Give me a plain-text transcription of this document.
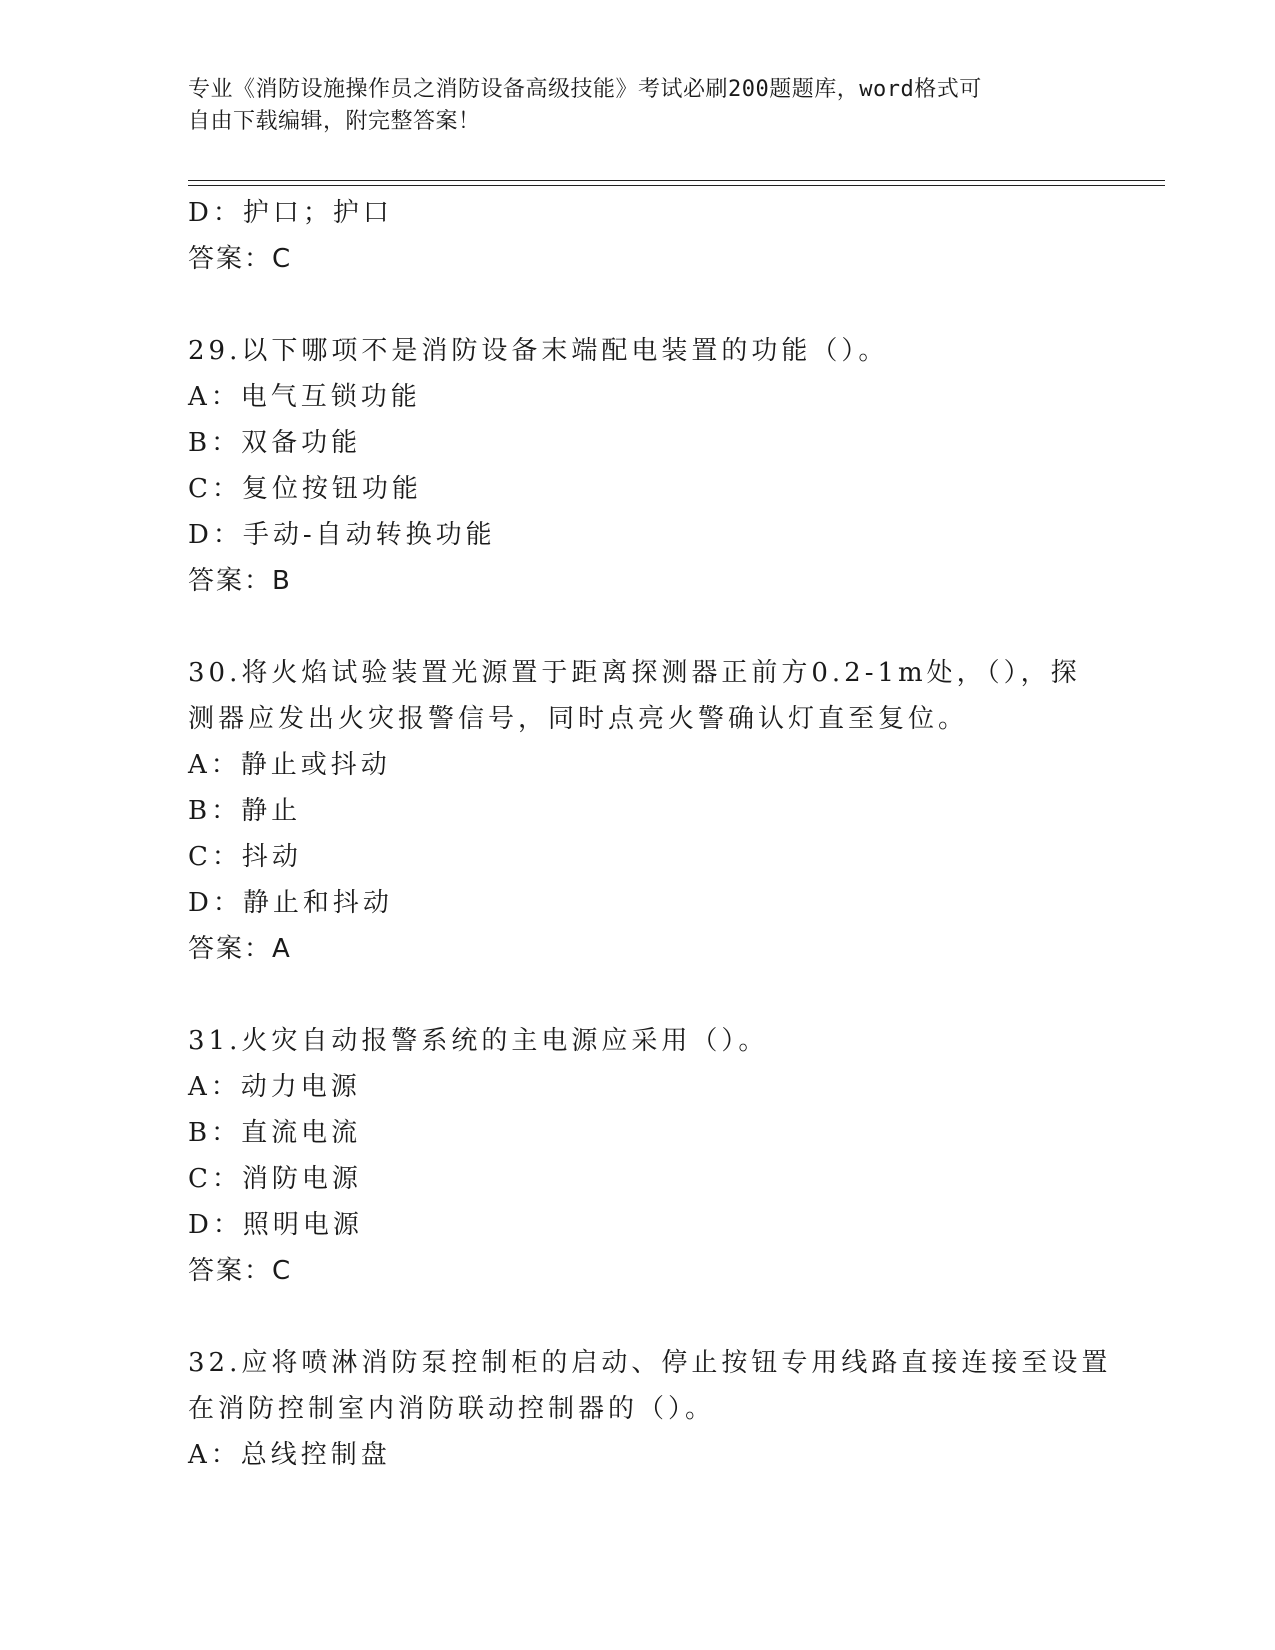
专业《消防设施操作员之消防设备高级技能》考试必刷200题题库，word格式可
自由下载编辑，附完整答案！
D：护口；护口
答案：C
29.以下哪项不是消防设备末端配电装置的功能（）。
A：电气互锁功能
B：双备功能
C：复位按钮功能
D：手动-自动转换功能
答案：B
30.将火焰试验装置光源置于距离探测器正前方0.2-1m处，（），探
测器应发出火灾报警信号，同时点亮火警确认灯直至复位。
A：静止或抖动
B：静止
C：抖动
D：静止和抖动
答案：A
31.火灾自动报警系统的主电源应采用（）。
A：动力电源
B：直流电流
C：消防电源
D：照明电源
答案：C
32.应将喷淋消防泵控制柜的启动、停止按钮专用线路直接连接至设置
在消防控制室内消防联动控制器的（）。
A：总线控制盘
